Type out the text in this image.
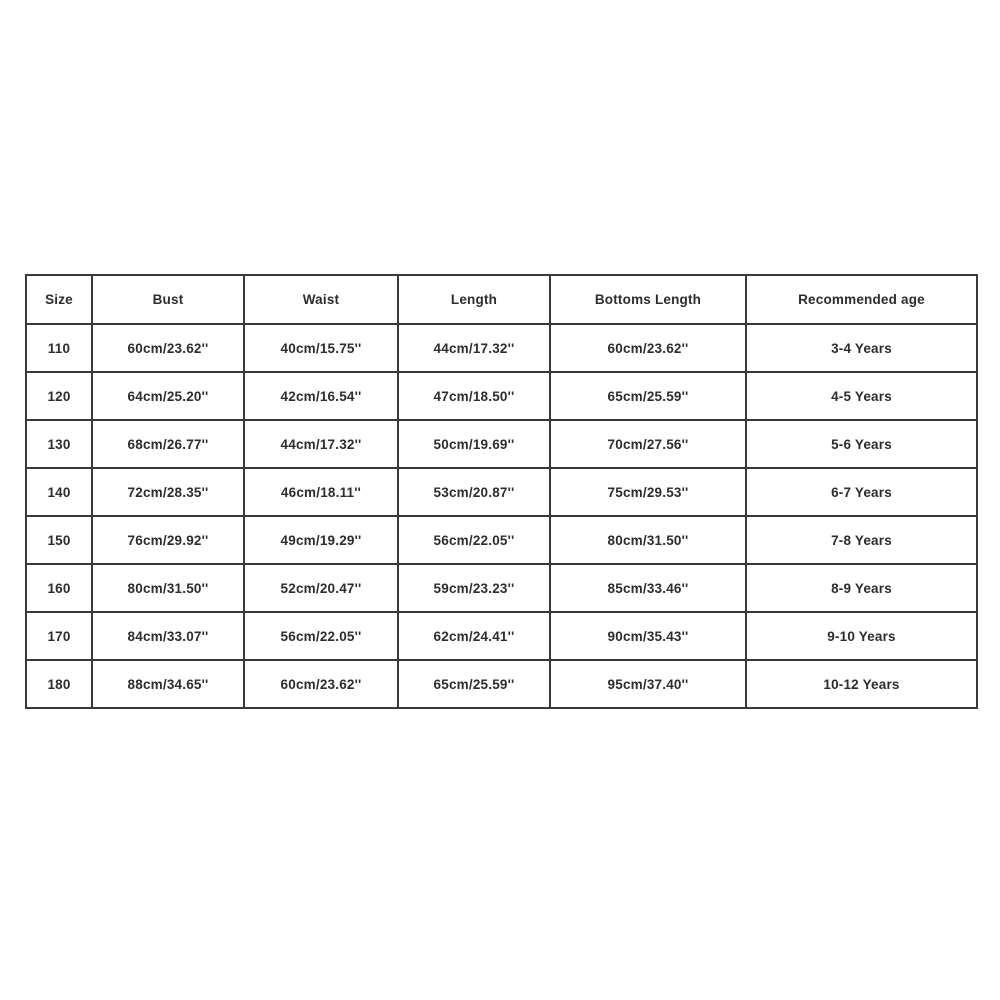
Size	Bust	Waist	Length	Bottoms Length	Recommended age
110	60cm/23.62''	40cm/15.75''	44cm/17.32''	60cm/23.62''	3-4 Years
120	64cm/25.20''	42cm/16.54''	47cm/18.50''	65cm/25.59''	4-5 Years
130	68cm/26.77''	44cm/17.32''	50cm/19.69''	70cm/27.56''	5-6 Years
140	72cm/28.35''	46cm/18.11''	53cm/20.87''	75cm/29.53''	6-7 Years
150	76cm/29.92''	49cm/19.29''	56cm/22.05''	80cm/31.50''	7-8 Years
160	80cm/31.50''	52cm/20.47''	59cm/23.23''	85cm/33.46''	8-9 Years
170	84cm/33.07''	56cm/22.05''	62cm/24.41''	90cm/35.43''	9-10 Years
180	88cm/34.65''	60cm/23.62''	65cm/25.59''	95cm/37.40''	10-12 Years
